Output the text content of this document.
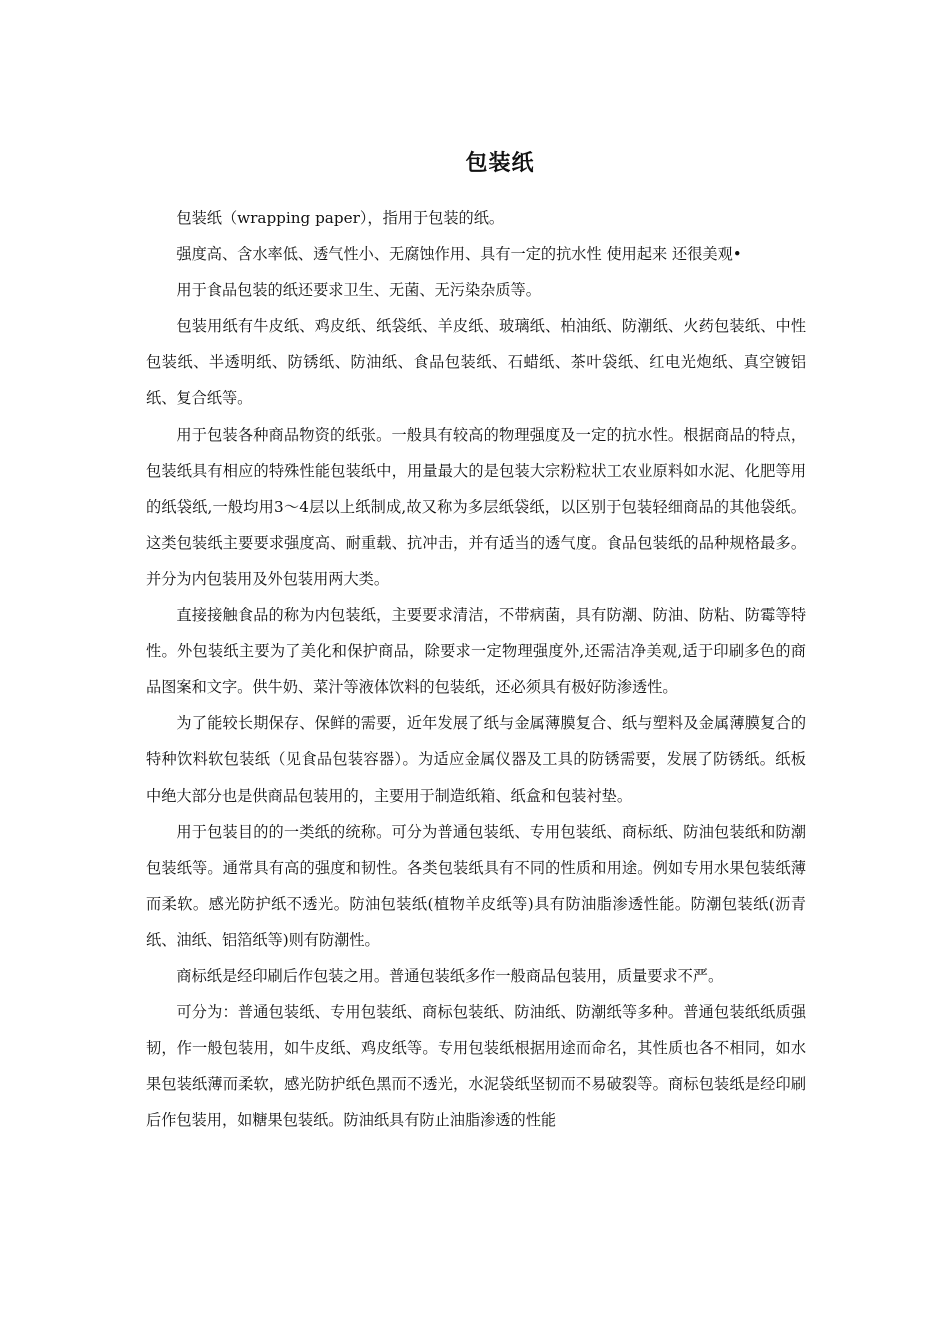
包装纸

包装纸（wrapping paper），指用于包装的纸。

强度高、含水率低、透气性小、无腐蚀作用、具有一定的抗水性 使用起来 还很美观•

用于食品包装的纸还要求卫生、无菌、无污染杂质等。

包装用纸有牛皮纸、鸡皮纸、纸袋纸、羊皮纸、玻璃纸、柏油纸、防潮纸、火药包装纸、中性包装纸、半透明纸、防锈纸、防油纸、食品包装纸、石蜡纸、茶叶袋纸、红电光炮纸、真空镀铝纸、复合纸等。

用于包装各种商品物资的纸张。一般具有较高的物理强度及一定的抗水性。根据商品的特点，包装纸具有相应的特殊性能包装纸中，用量最大的是包装大宗粉粒状工农业原料如水泥、化肥等用的纸袋纸,一般均用3～4层以上纸制成,故又称为多层纸袋纸，以区别于包装轻细商品的其他袋纸。这类包装纸主要要求强度高、耐重载、抗冲击，并有适当的透气度。食品包装纸的品种规格最多。并分为内包装用及外包装用两大类。

直接接触食品的称为内包装纸，主要要求清洁，不带病菌，具有防潮、防油、防粘、防霉等特性。外包装纸主要为了美化和保护商品，除要求一定物理强度外,还需洁净美观,适于印刷多色的商品图案和文字。供牛奶、菜汁等液体饮料的包装纸，还必须具有极好防渗透性。

为了能较长期保存、保鲜的需要，近年发展了纸与金属薄膜复合、纸与塑料及金属薄膜复合的特种饮料软包装纸（见食品包装容器）。为适应金属仪器及工具的防锈需要，发展了防锈纸。纸板中绝大部分也是供商品包装用的，主要用于制造纸箱、纸盒和包装衬垫。

用于包装目的的一类纸的统称。可分为普通包装纸、专用包装纸、商标纸、防油包装纸和防潮包装纸等。通常具有高的强度和韧性。各类包装纸具有不同的性质和用途。例如专用水果包装纸薄而柔软。感光防护纸不透光。防油包装纸(植物羊皮纸等)具有防油脂渗透性能。防潮包装纸(沥青纸、油纸、铝箔纸等)则有防潮性。

商标纸是经印刷后作包装之用。普通包装纸多作一般商品包装用，质量要求不严。

可分为：普通包装纸、专用包装纸、商标包装纸、防油纸、防潮纸等多种。普通包装纸纸质强韧，作一般包装用，如牛皮纸、鸡皮纸等。专用包装纸根据用途而命名，其性质也各不相同，如水果包装纸薄而柔软，感光防护纸色黑而不透光，水泥袋纸坚韧而不易破裂等。商标包装纸是经印刷后作包装用，如糖果包装纸。防油纸具有防止油脂渗透的性能
